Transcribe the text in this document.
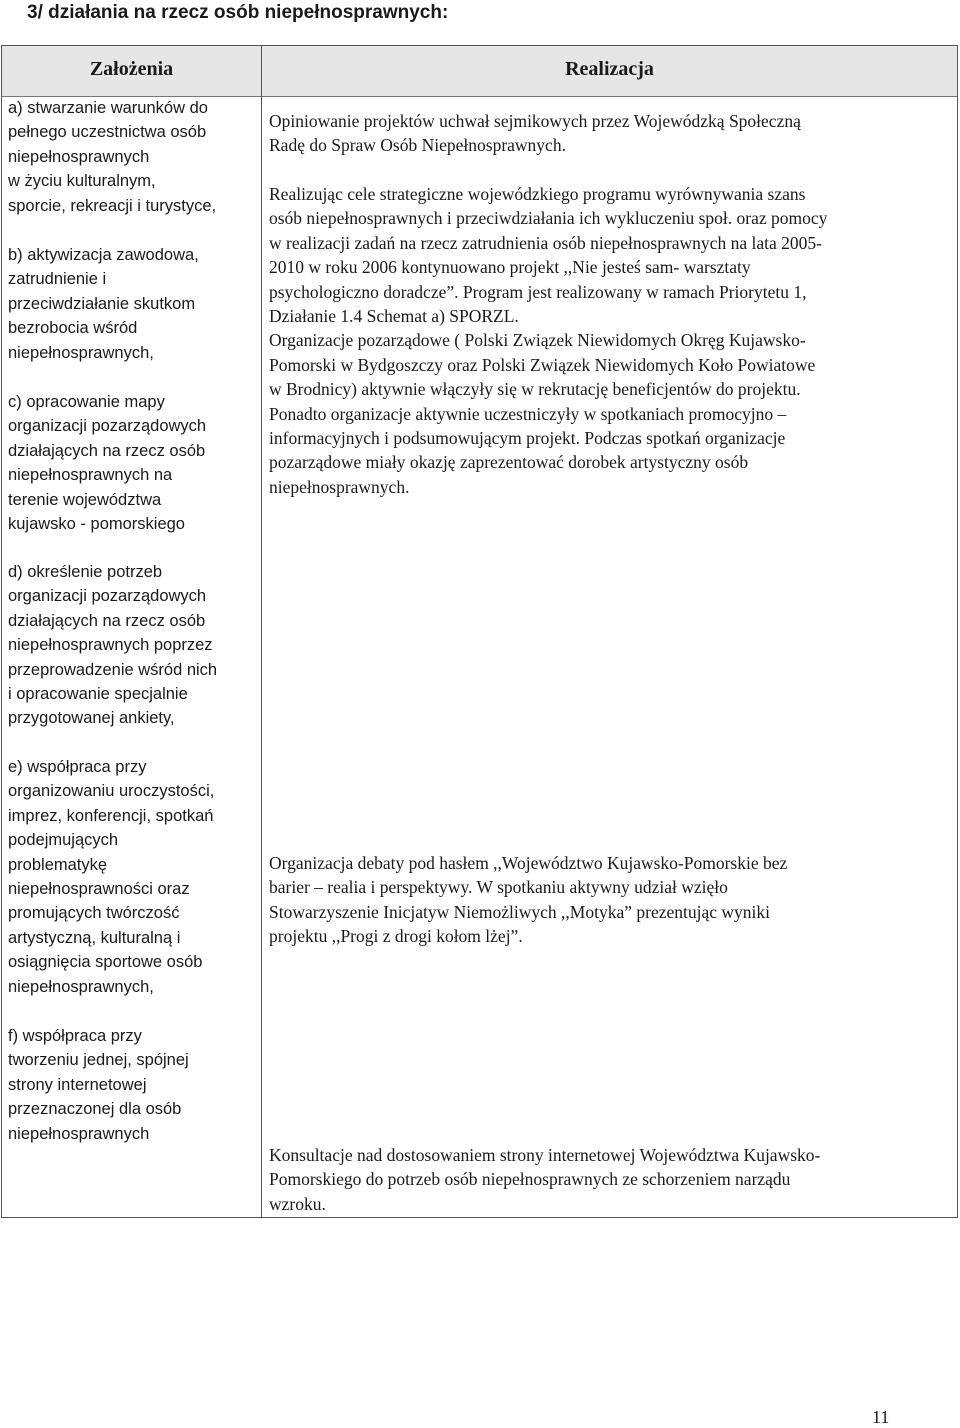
3/ działania na rzecz osób niepełnosprawnych:
Założenia	Realizacja
a) stwarzanie warunków do
pełnego uczestnictwa osób
niepełnosprawnych
w życiu kulturalnym,
sporcie, rekreacji i turystyce,
b) aktywizacja zawodowa,
zatrudnienie i
przeciwdziałanie skutkom
bezrobocia wśród
niepełnosprawnych,
c) opracowanie mapy
organizacji pozarządowych
działających na rzecz osób
niepełnosprawnych na
terenie województwa
kujawsko - pomorskiego
d) określenie potrzeb
organizacji pozarządowych
działających na rzecz osób
niepełnosprawnych poprzez
przeprowadzenie wśród nich
i opracowanie specjalnie
przygotowanej ankiety,
e) współpraca przy
organizowaniu uroczystości,
imprez, konferencji, spotkań
podejmujących
problematykę
niepełnosprawności oraz
promujących twórczość
artystyczną, kulturalną i
osiągnięcia sportowe osób
niepełnosprawnych,
f) współpraca przy
tworzeniu jednej, spójnej
strony internetowej
przeznaczonej dla osób
niepełnosprawnych
Opiniowanie projektów uchwał sejmikowych przez Wojewódzką Społeczną
Radę do Spraw Osób Niepełnosprawnych.
Realizując cele strategiczne wojewódzkiego programu wyrównywania szans
osób niepełnosprawnych i przeciwdziałania ich wykluczeniu społ. oraz pomocy
w realizacji zadań na rzecz zatrudnienia osób niepełnosprawnych na lata 2005-
2010 w roku 2006 kontynuowano projekt ,,Nie jesteś sam- warsztaty
psychologiczno doradcze”. Program jest realizowany w ramach Priorytetu 1,
Działanie 1.4 Schemat a) SPORZL.
Organizacje pozarządowe ( Polski Związek Niewidomych Okręg Kujawsko-
Pomorski w Bydgoszczy oraz Polski Związek Niewidomych Koło Powiatowe
w Brodnicy) aktywnie włączyły się w rekrutację beneficjentów do projektu.
Ponadto organizacje aktywnie uczestniczyły w spotkaniach promocyjno –
informacyjnych i podsumowującym projekt. Podczas spotkań organizacje
pozarządowe miały okazję zaprezentować dorobek artystyczny osób
niepełnosprawnych.
Organizacja debaty pod hasłem ,,Województwo Kujawsko-Pomorskie bez
barier – realia i perspektywy. W spotkaniu aktywny udział wzięło
Stowarzyszenie Inicjatyw Niemożliwych ,,Motyka” prezentując wyniki
projektu ,,Progi z drogi kołom lżej”.
Konsultacje nad dostosowaniem strony internetowej Województwa Kujawsko-
Pomorskiego do potrzeb osób niepełnosprawnych ze schorzeniem narządu
wzroku.
11
